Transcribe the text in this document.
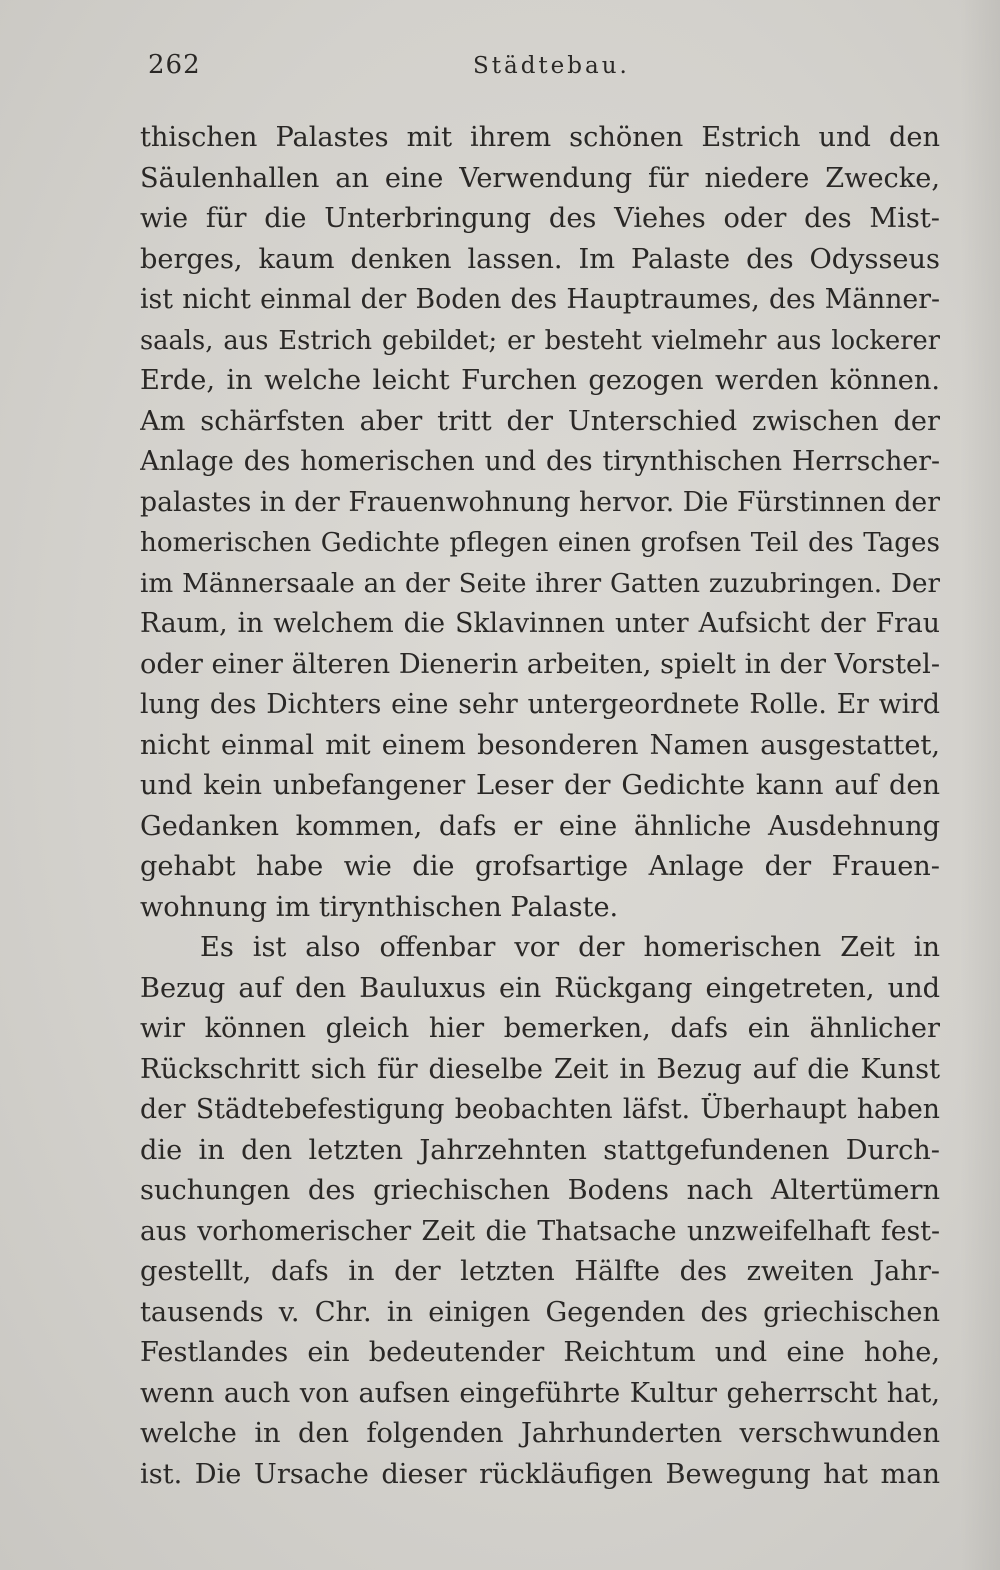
262	Städtebau.
thischen Palastes mit ihrem schönen Estrich und den
Säulenhallen an eine Verwendung für niedere Zwecke,
wie für die Unterbringung des Viehes oder des Mist-
berges, kaum denken lassen. Im Palaste des Odysseus
ist nicht einmal der Boden des Hauptraumes, des Männer-
saals, aus Estrich gebildet; er besteht vielmehr aus lockerer
Erde, in welche leicht Furchen gezogen werden können.
Am schärfsten aber tritt der Unterschied zwischen der
Anlage des homerischen und des tirynthischen Herrscher-
palastes in der Frauenwohnung hervor. Die Fürstinnen der
homerischen Gedichte pflegen einen grofsen Teil des Tages
im Männersaale an der Seite ihrer Gatten zuzubringen. Der
Raum, in welchem die Sklavinnen unter Aufsicht der Frau
oder einer älteren Dienerin arbeiten, spielt in der Vorstel-
lung des Dichters eine sehr untergeordnete Rolle. Er wird
nicht einmal mit einem besonderen Namen ausgestattet,
und kein unbefangener Leser der Gedichte kann auf den
Gedanken kommen, dafs er eine ähnliche Ausdehnung
gehabt habe wie die grofsartige Anlage der Frauen-
wohnung im tirynthischen Palaste.
Es ist also offenbar vor der homerischen Zeit in
Bezug auf den Bauluxus ein Rückgang eingetreten, und
wir können gleich hier bemerken, dafs ein ähnlicher
Rückschritt sich für dieselbe Zeit in Bezug auf die Kunst
der Städtebefestigung beobachten läfst. Überhaupt haben
die in den letzten Jahrzehnten stattgefundenen Durch-
suchungen des griechischen Bodens nach Altertümern
aus vorhomerischer Zeit die Thatsache unzweifelhaft fest-
gestellt, dafs in der letzten Hälfte des zweiten Jahr-
tausends v. Chr. in einigen Gegenden des griechischen
Festlandes ein bedeutender Reichtum und eine hohe,
wenn auch von aufsen eingeführte Kultur geherrscht hat,
welche in den folgenden Jahrhunderten verschwunden
ist. Die Ursache dieser rückläufigen Bewegung hat man
